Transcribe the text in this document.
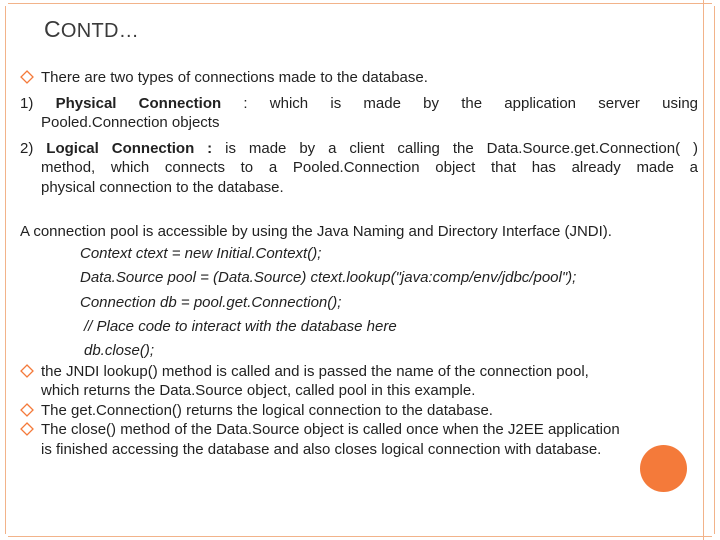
CONTD…
There are two types of connections made to the database.
1) Physical Connection : which is made by the application server using
Pooled.Connection objects
2) Logical Connection : is made by a client calling the Data.Source.get.Connection( )
method, which connects to a Pooled.Connection object that has already made a
physical connection to the database.
A connection pool is accessible by using the Java Naming and Directory Interface (JNDI).
Context ctext = new Initial.Context();
Data.Source pool = (Data.Source) ctext.lookup("java:comp/env/jdbc/pool");
Connection db = pool.get.Connection();
// Place code to interact with the database here
db.close();
the JNDI lookup() method is called and is passed the name of the connection pool,
which returns the Data.Source object, called pool in this example.
The get.Connection() returns the logical connection to the database.
The close() method of the Data.Source object is called once when the J2EE application
is finished accessing the database and also closes logical connection with database.
